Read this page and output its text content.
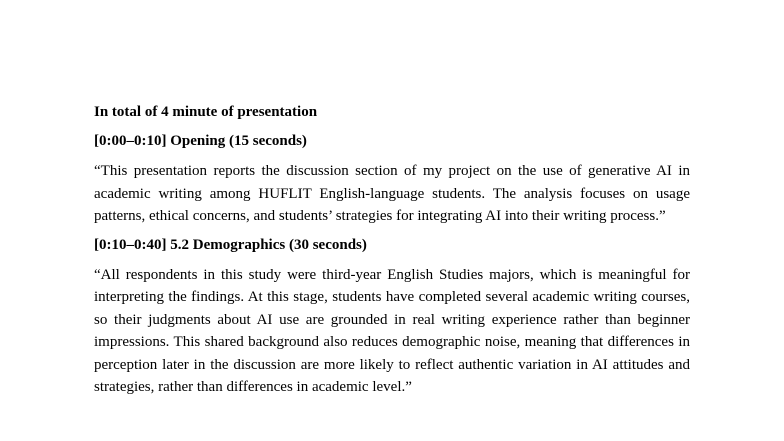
In total of 4 minute of presentation
[0:00–0:10] Opening (15 seconds)

“This presentation reports the discussion section of my project on the use of generative AI in academic writing among HUFLIT English-language students. The analysis focuses on usage patterns, ethical concerns, and students’ strategies for integrating AI into their writing process.”

[0:10–0:40] 5.2 Demographics (30 seconds)

“All respondents in this study were third-year English Studies majors, which is meaningful for interpreting the findings. At this stage, students have completed several academic writing courses, so their judgments about AI use are grounded in real writing experience rather than beginner impressions. This shared background also reduces demographic noise, meaning that differences in perception later in the discussion are more likely to reflect authentic variation in AI attitudes and strategies, rather than differences in academic level.”
